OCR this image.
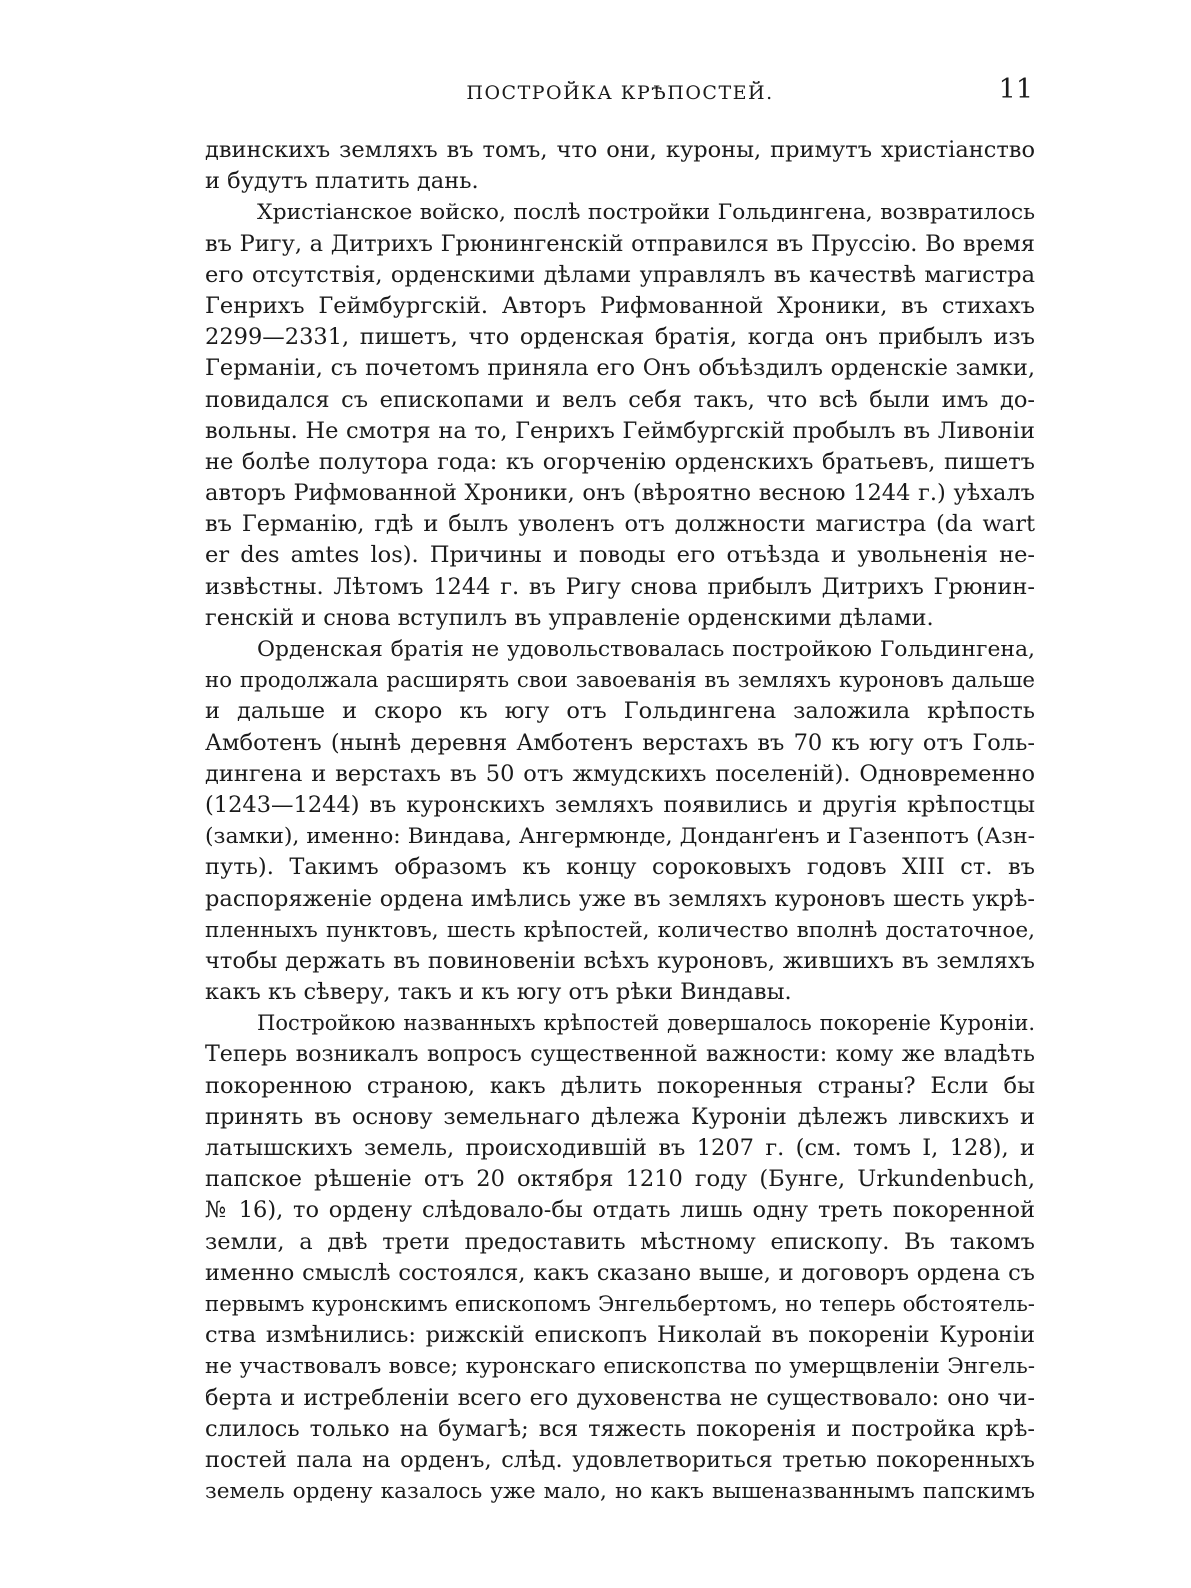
ПОСТРОЙКА КРѢПОСТЕЙ.	11
двинскихъ земляхъ въ томъ, что они, куроны, примутъ христіанство
и будутъ платить дань.
Христіанское войско, послѣ постройки Гольдингена, возвратилось
въ Ригу, а Дитрихъ Грюнингенскій отправился въ Пруссію. Во время
его отсутствія, орденскими дѣлами управлялъ въ качествѣ магистра
Генрихъ Геймбургскій. Авторъ Рифмованной Хроники, въ стихахъ
2299—2331, пишетъ, что орденская братія, когда онъ прибылъ изъ
Германіи, съ почетомъ приняла его Онъ объѣздилъ орденскіе замки,
повидался съ епископами и велъ себя такъ, что всѣ были имъ до-
вольны. Не смотря на то, Генрихъ Геймбургскій пробылъ въ Ливоніи
не болѣе полутора года: къ огорченію орденскихъ братьевъ, пишетъ
авторъ Рифмованной Хроники, онъ (вѣроятно весною 1244 г.) уѣхалъ
въ Германію, гдѣ и былъ уволенъ отъ должности магистра (da wart
er des amtes los). Причины и поводы его отъѣзда и увольненія не-
извѣстны. Лѣтомъ 1244 г. въ Ригу снова прибылъ Дитрихъ Грюнин-
генскій и снова вступилъ въ управленіе орденскими дѣлами.
Орденская братія не удовольствовалась постройкою Гольдингена,
но продолжала расширять свои завоеванія въ земляхъ куроновъ дальше
и дальше и скоро къ югу отъ Гольдингена заложила крѣпость
Амботенъ (нынѣ деревня Амботенъ верстахъ въ 70 къ югу отъ Голь-
дингена и верстахъ въ 50 отъ жмудскихъ поселеній). Одновременно
(1243—1244) въ куронскихъ земляхъ появились и другія крѣпостцы
(замки), именно: Виндава, Ангермюнде, Донданґенъ и Газенпотъ (Азн-
путь). Такимъ образомъ къ концу сороковыхъ годовъ XIII ст. въ
распоряженіе ордена имѣлись уже въ земляхъ куроновъ шесть укрѣ-
пленныхъ пунктовъ, шесть крѣпостей, количество вполнѣ достаточное,
чтобы держать въ повиновеніи всѣхъ куроновъ, жившихъ въ земляхъ
какъ къ сѣверу, такъ и къ югу отъ рѣки Виндавы.
Постройкою названныхъ крѣпостей довершалось покореніе Куроніи.
Теперь возникалъ вопросъ существенной важности: кому же владѣть
покоренною страною, какъ дѣлить покоренныя страны? Если бы
принять въ основу земельнаго дѣлежа Куроніи дѣлежъ ливскихъ и
латышскихъ земель, происходившій въ 1207 г. (см. томъ I, 128), и
папское рѣшеніе отъ 20 октября 1210 году (Бунге, Urkundenbuch,
№ 16), то ордену слѣдовало-бы отдать лишь одну треть покоренной
земли, а двѣ трети предоставить мѣстному епископу. Въ такомъ
именно смыслѣ состоялся, какъ сказано выше, и договоръ ордена съ
первымъ куронскимъ епископомъ Энгельбертомъ, но теперь обстоятель-
ства измѣнились: рижскій епископъ Николай въ покореніи Куроніи
не участвовалъ вовсе; куронскаго епископства по умерщвленіи Энгель-
берта и истребленіи всего его духовенства не существовало: оно чи-
слилось только на бумагѣ; вся тяжесть покоренія и постройка крѣ-
постей пала на орденъ, слѣд. удовлетвориться третью покоренныхъ
земель ордену казалось уже мало, но какъ вышеназваннымъ папскимъ
